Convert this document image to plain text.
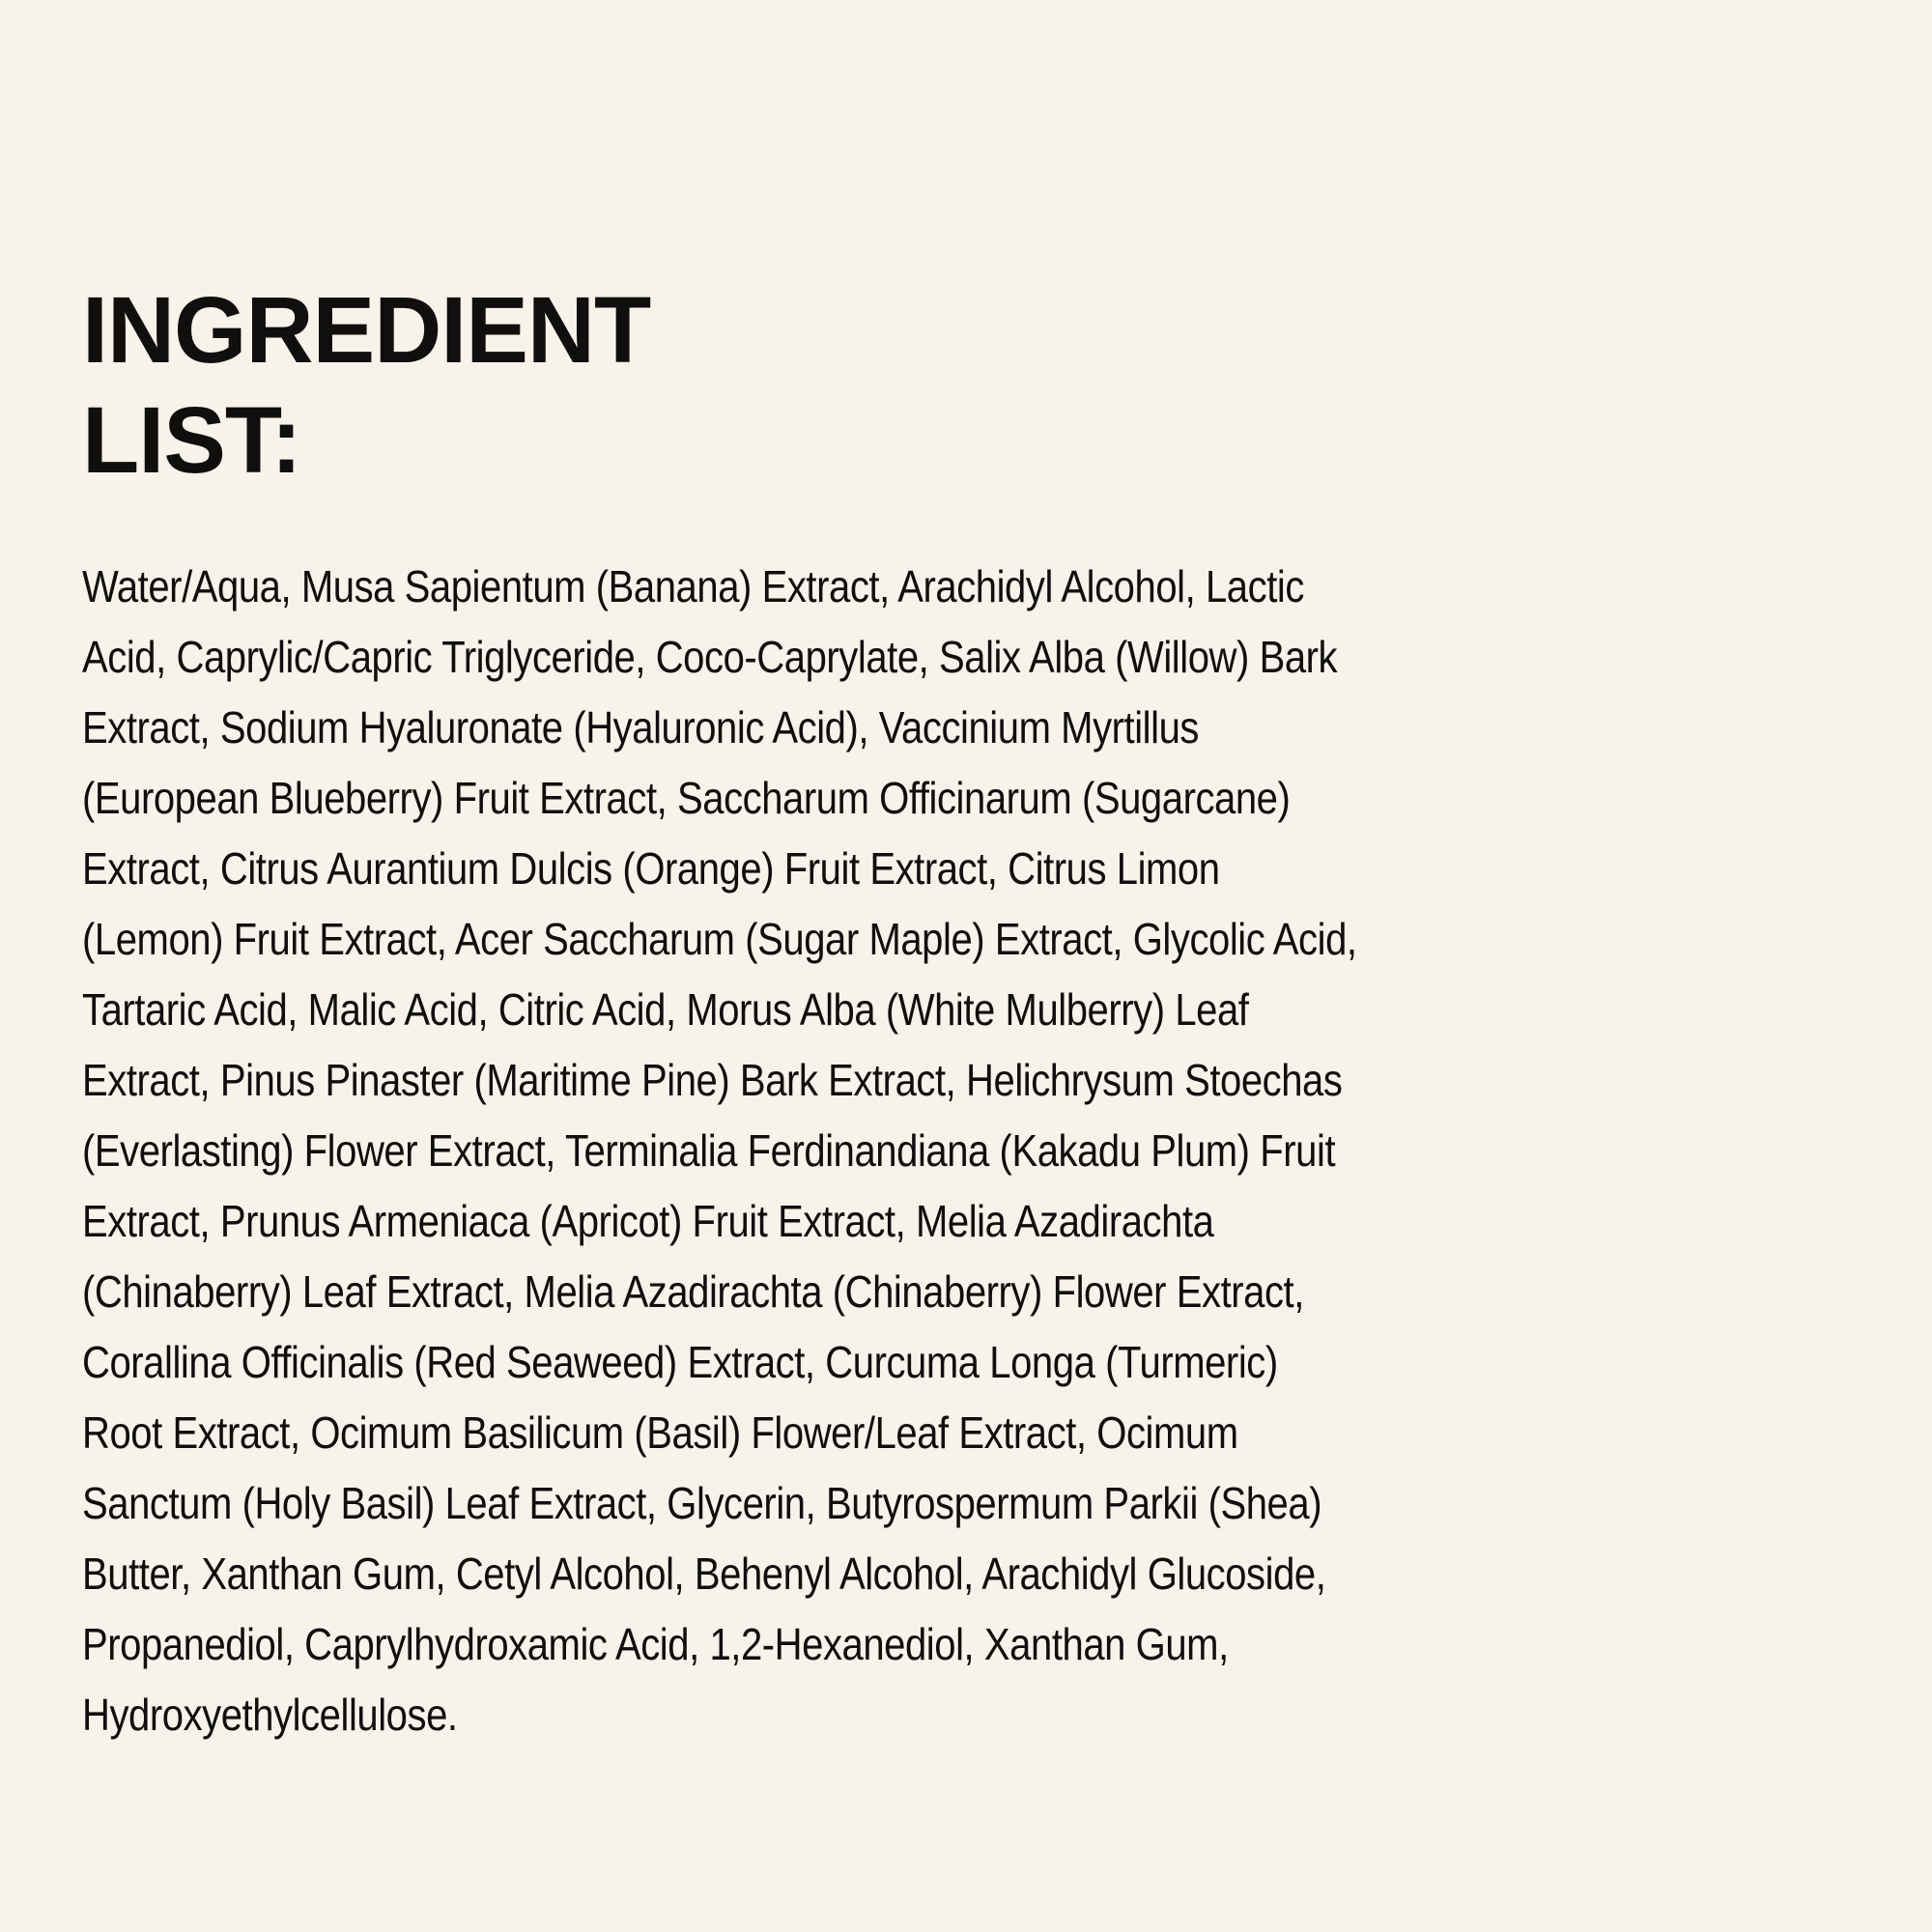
INGREDIENT
LIST:
Water/Aqua, Musa Sapientum (Banana) Extract, Arachidyl Alcohol, Lactic
Acid, Caprylic/Capric Triglyceride, Coco-Caprylate, Salix Alba (Willow) Bark
Extract, Sodium Hyaluronate (Hyaluronic Acid), Vaccinium Myrtillus
(European Blueberry) Fruit Extract, Saccharum Officinarum (Sugarcane)
Extract, Citrus Aurantium Dulcis (Orange) Fruit Extract, Citrus Limon
(Lemon) Fruit Extract, Acer Saccharum (Sugar Maple) Extract, Glycolic Acid,
Tartaric Acid, Malic Acid, Citric Acid, Morus Alba (White Mulberry) Leaf
Extract, Pinus Pinaster (Maritime Pine) Bark Extract, Helichrysum Stoechas
(Everlasting) Flower Extract, Terminalia Ferdinandiana (Kakadu Plum) Fruit
Extract, Prunus Armeniaca (Apricot) Fruit Extract, Melia Azadirachta
(Chinaberry) Leaf Extract, Melia Azadirachta (Chinaberry) Flower Extract,
Corallina Officinalis (Red Seaweed) Extract, Curcuma Longa (Turmeric)
Root Extract, Ocimum Basilicum (Basil) Flower/Leaf Extract, Ocimum
Sanctum (Holy Basil) Leaf Extract, Glycerin, Butyrospermum Parkii (Shea)
Butter, Xanthan Gum, Cetyl Alcohol, Behenyl Alcohol, Arachidyl Glucoside,
Propanediol, Caprylhydroxamic Acid, 1,2-Hexanediol, Xanthan Gum,
Hydroxyethylcellulose.
